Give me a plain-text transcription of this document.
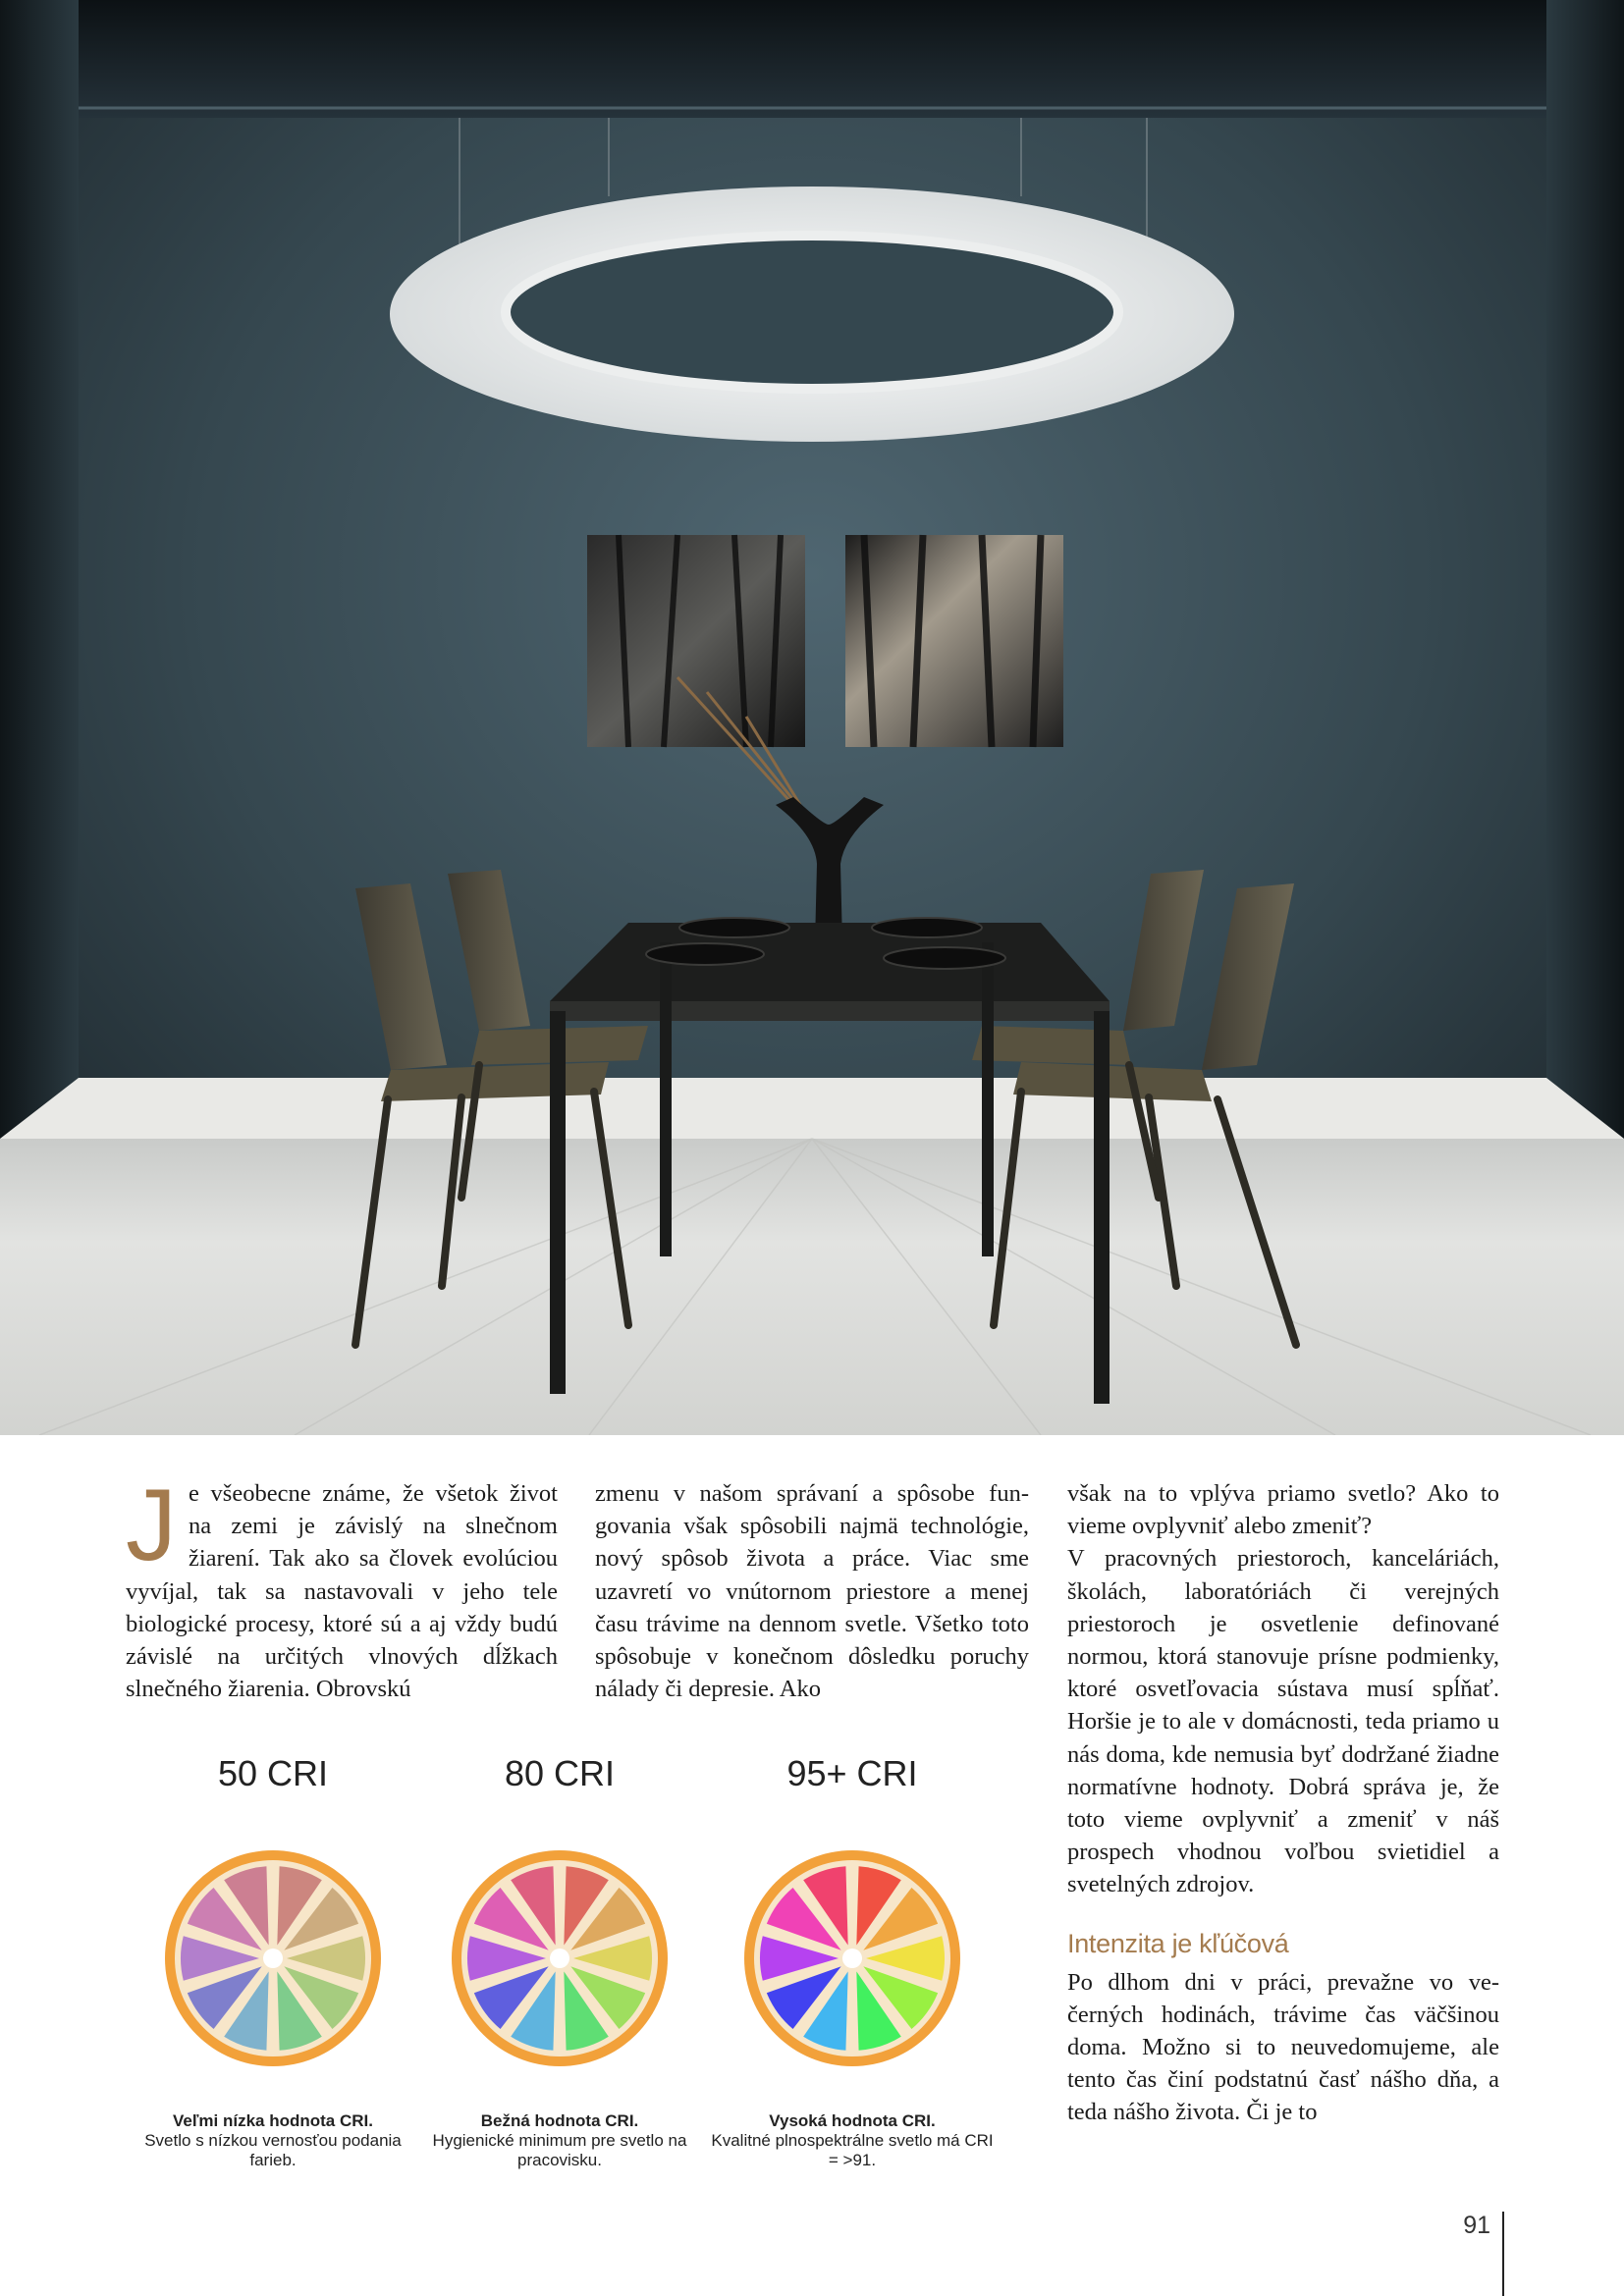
Je všeobecne známe, že všetok život na zemi je závislý na slnečnom žiarení. Tak ako sa človek evolúciou vyvíjal, tak sa nastavovali v jeho tele biologické procesy, ktoré sú a aj vždy budú závislé na určitých vlnových dĺžkach slnečného žiarenia. Obrovskú

zmenu v našom správaní a spôsobe fungovania však spôsobili najmä technológie, nový spôsob života a práce. Viac sme uzavretí vo vnútornom priestore a menej času trávime na dennom svetle. Všetko toto spôsobuje v konečnom dôsledku poruchy nálady či depresie. Ako

však na to vplýva priamo svetlo? Ako to vieme ovplyvniť alebo zmeniť?

V pracovných priestoroch, kanceláriách, školách, laboratóriách či verejných priestoroch je osvetlenie definované normou, ktorá stanovuje prísne podmienky, ktoré osvetľovacia sústava musí spĺňať. Horšie je to ale v domácnosti, teda priamo u nás doma, kde nemusia byť dodržané žiadne normatívne hodnoty. Dobrá správa je, že toto vieme ovplyvniť a zmeniť v náš prospech vhodnou voľbou svietidiel a svetelných zdrojov.

Intenzita je kľúčová

Po dlhom dni v práci, prevažne vo večerných hodinách, trávime čas väčšinou doma. Možno si to neuvedomujeme, ale tento čas činí podstatnú časť nášho dňa, a teda nášho života. Či je to

50 CRI
Veľmi nízka hodnota CRI.
Svetlo s nízkou vernosťou podania farieb.
80 CRI
Bežná hodnota CRI.
Hygienické minimum pre svetlo na pracovisku.
95+ CRI
Vysoká hodnota CRI.
Kvalitné plnospektrálne svetlo má CRI = >91.
91
